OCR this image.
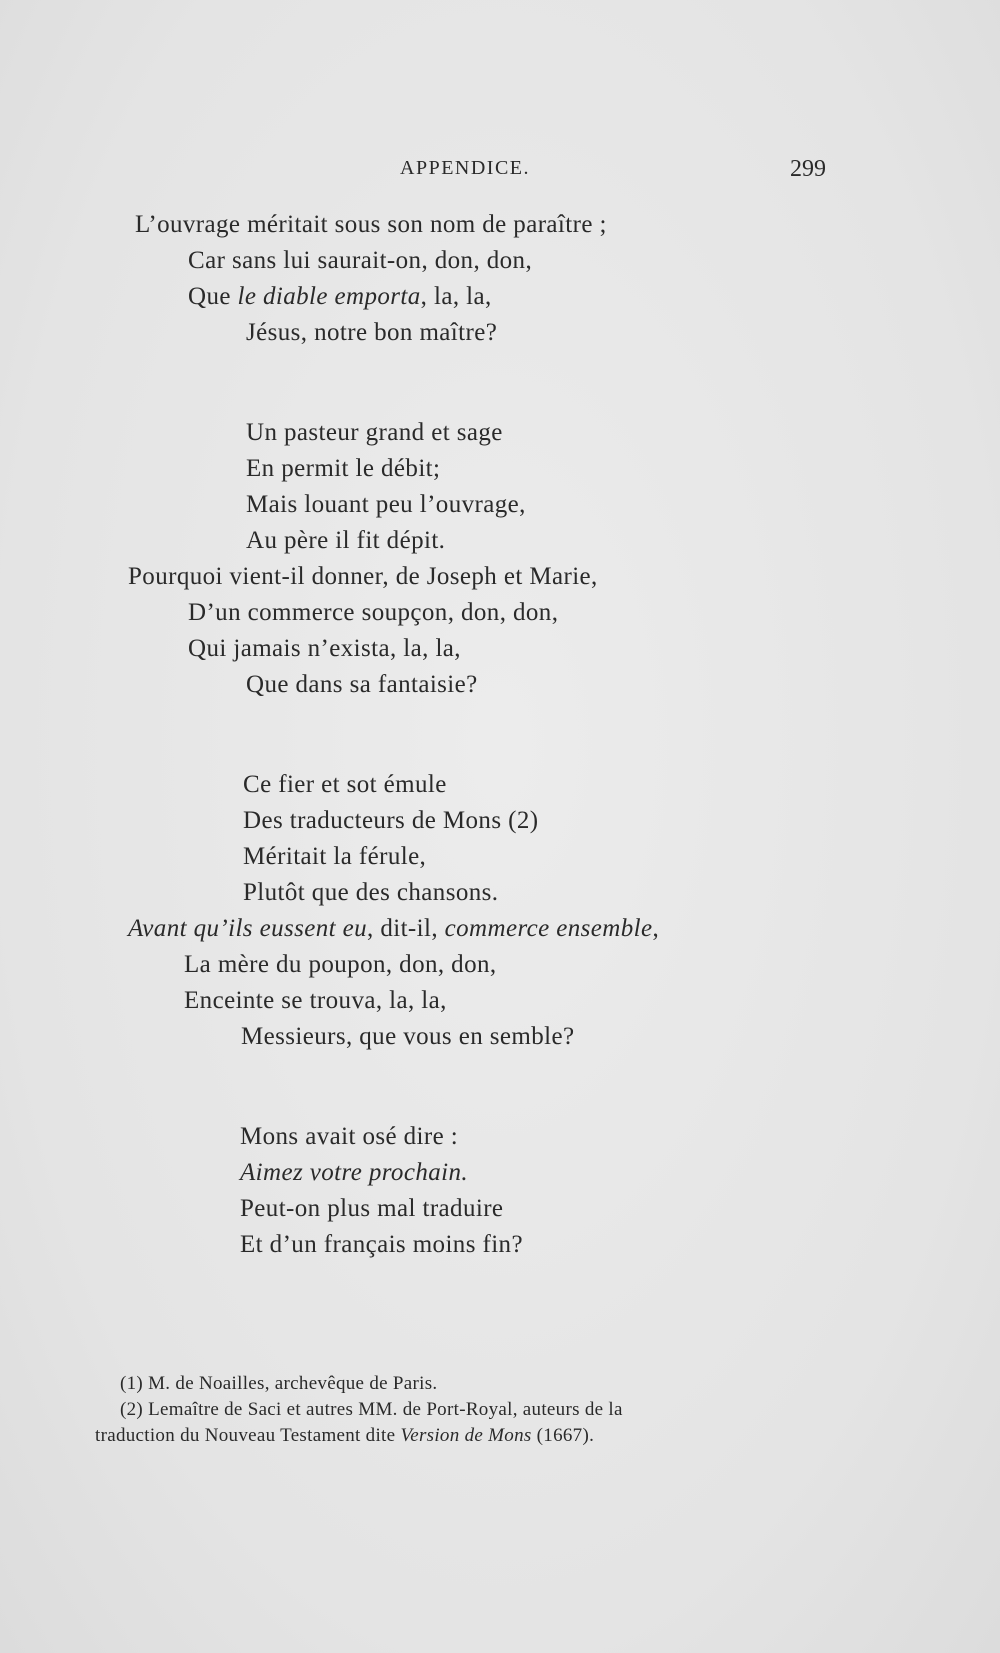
APPENDICE.	299
L’ouvrage méritait sous son nom de paraître ;
Car sans lui saurait-on, don, don,
Que le diable emporta, la, la,
Jésus, notre bon maître?
Un pasteur grand et sage
En permit le débit;
Mais louant peu l’ouvrage,
Au père il fit dépit.
Pourquoi vient-il donner, de Joseph et Marie,
D’un commerce soupçon, don, don,
Qui jamais n’exista, la, la,
Que dans sa fantaisie?
Ce fier et sot émule
Des traducteurs de Mons (2)
Méritait la férule,
Plutôt que des chansons.
Avant qu’ils eussent eu, dit-il, commerce ensemble,
La mère du poupon, don, don,
Enceinte se trouva, la, la,
Messieurs, que vous en semble?
Mons avait osé dire :
Aimez votre prochain.
Peut-on plus mal traduire
Et d’un français moins fin?
(1) M. de Noailles, archevêque de Paris.
(2) Lemaître de Saci et autres MM. de Port-Royal, auteurs de la
traduction du Nouveau Testament dite Version de Mons (1667).
